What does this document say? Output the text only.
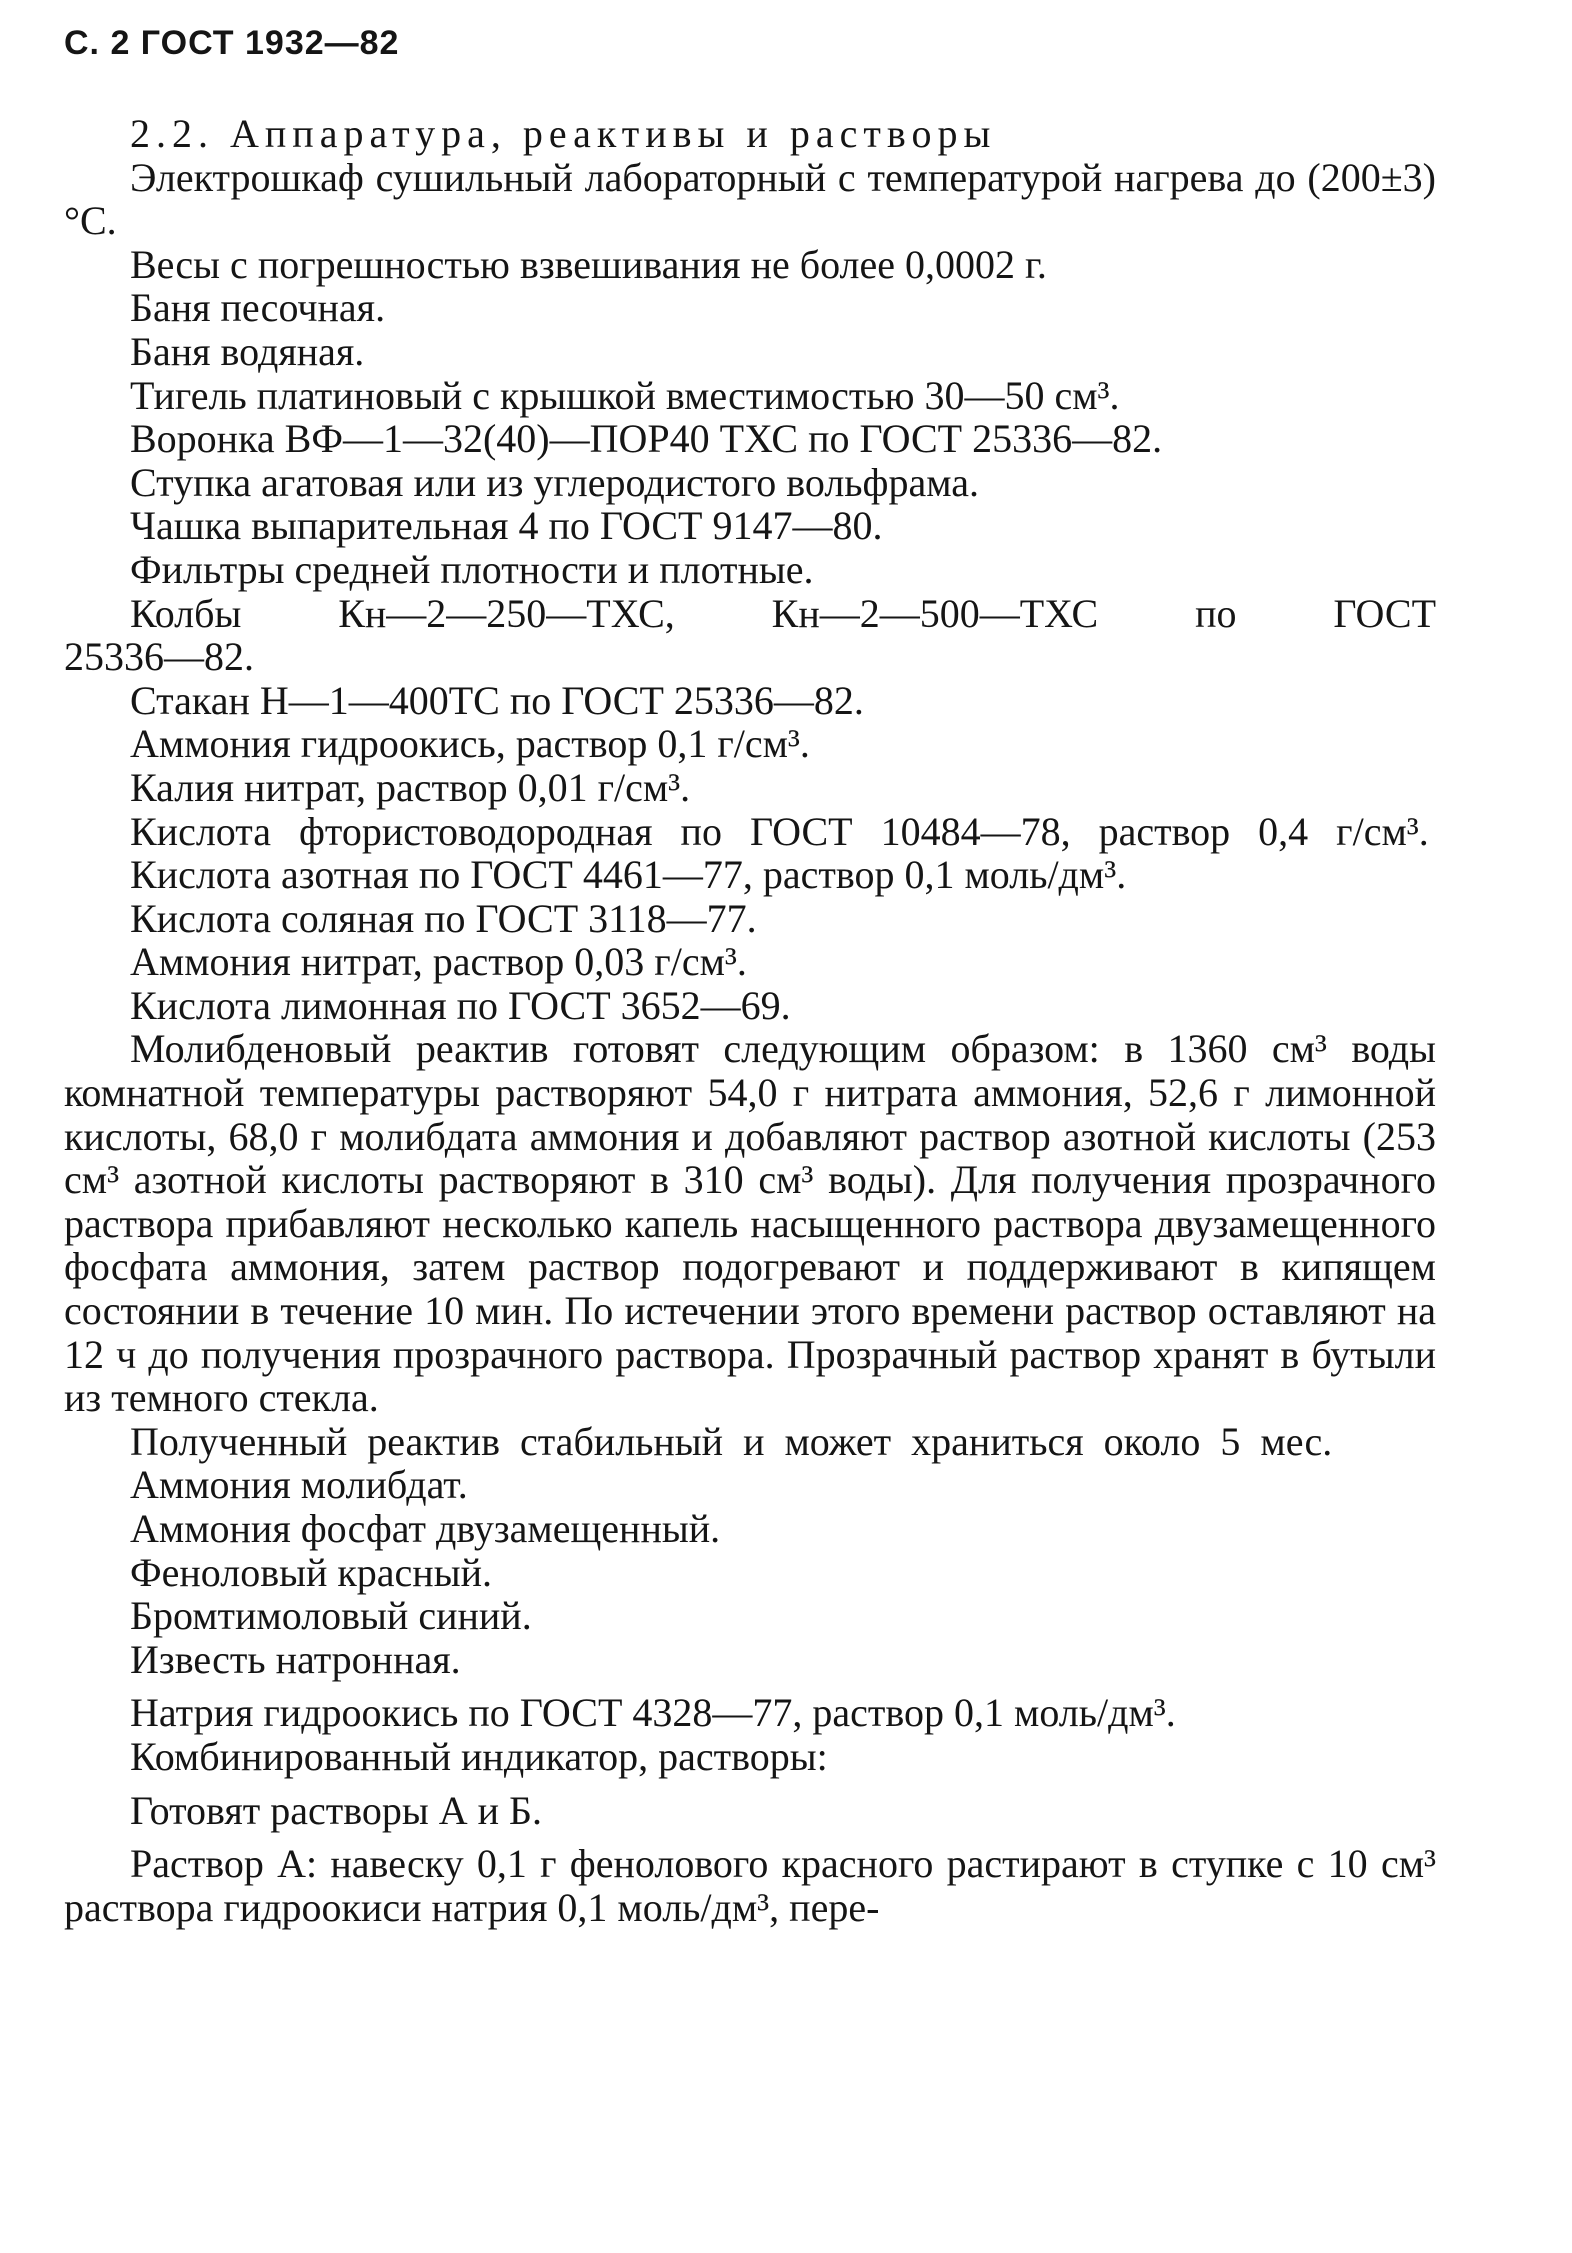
С. 2 ГОСТ 1932—82

2.2. Аппаратура, реактивы и растворы

Электрошкаф сушильный лабораторный с температурой нагрева до (200±3)°С.

Весы с погрешностью взвешивания не более 0,0002 г.

Баня песочная.

Баня водяная.

Тигель платиновый с крышкой вместимостью 30—50 см³.

Воронка ВФ—1—32(40)—ПОР40 ТХС по ГОСТ 25336—82.

Ступка агатовая или из углеродистого вольфрама.

Чашка выпарительная 4 по ГОСТ 9147—80.

Фильтры средней плотности и плотные.

Колбы Кн—2—250—ТХС, Кн—2—500—ТХС по ГОСТ 25336—82.

Стакан Н—1—400ТС по ГОСТ 25336—82.

Аммония гидроокись, раствор 0,1 г/см³.

Калия нитрат, раствор 0,01 г/см³.

Кислота фтористоводородная по ГОСТ 10484—78, раствор 0,4 г/см³.

Кислота азотная по ГОСТ 4461—77, раствор 0,1 моль/дм³.

Кислота соляная по ГОСТ 3118—77.

Аммония нитрат, раствор 0,03 г/см³.

Кислота лимонная по ГОСТ 3652—69.

Молибденовый реактив готовят следующим образом: в 1360 см³ воды комнатной температуры растворяют 54,0 г нитрата аммония, 52,6 г лимонной кислоты, 68,0 г молибдата аммония и добавляют раствор азотной кислоты (253 см³ азотной кислоты растворяют в 310 см³ воды). Для получения прозрачного раствора прибавляют несколько капель насыщенного раствора двузамещенного фосфата аммония, затем раствор подогревают и поддерживают в кипящем состоянии в течение 10 мин. По истечении этого времени раствор оставляют на 12 ч до получения прозрачного раствора. Прозрачный раствор хранят в бутыли из темного стекла.

Полученный реактив стабильный и может храниться около 5 мес.

Аммония молибдат.

Аммония фосфат двузамещенный.

Феноловый красный.

Бромтимоловый синий.

Известь натронная.

Натрия гидроокись по ГОСТ 4328—77, раствор 0,1 моль/дм³.

Комбинированный индикатор, растворы:

Готовят растворы А и Б.

Раствор А: навеску 0,1 г фенолового красного растирают в ступке с 10 см³ раствора гидроокиси натрия 0,1 моль/дм³, пере-
